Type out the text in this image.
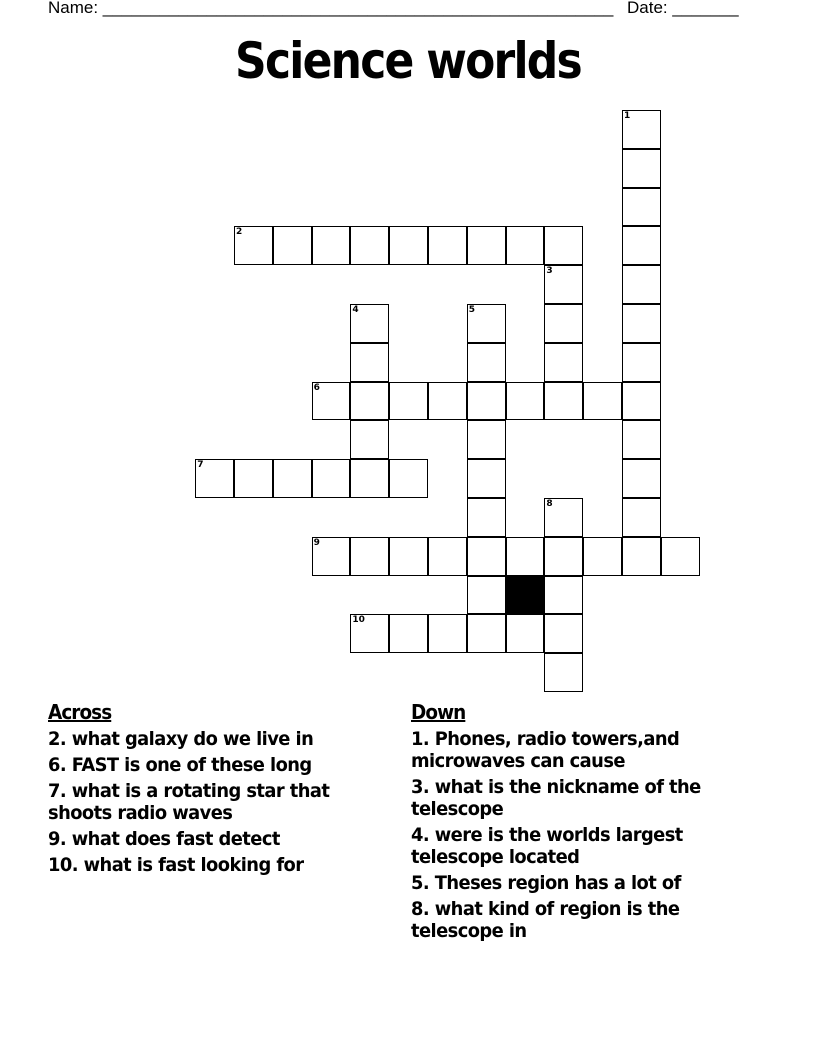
Name: ______________________________________________________ Date: _______
Science worlds
1
2
3
4	5
6
7
8
9
10
Across
2. what galaxy do we live in
6. FAST is one of these long
7. what is a rotating star that shoots radio waves
9. what does fast detect
10. what is fast looking for
Down
1. Phones, radio towers,and microwaves can cause
3. what is the nickname of the telescope
4. were is the worlds largest telescope located
5. Theses region has a lot of
8. what kind of region is the telescope in
